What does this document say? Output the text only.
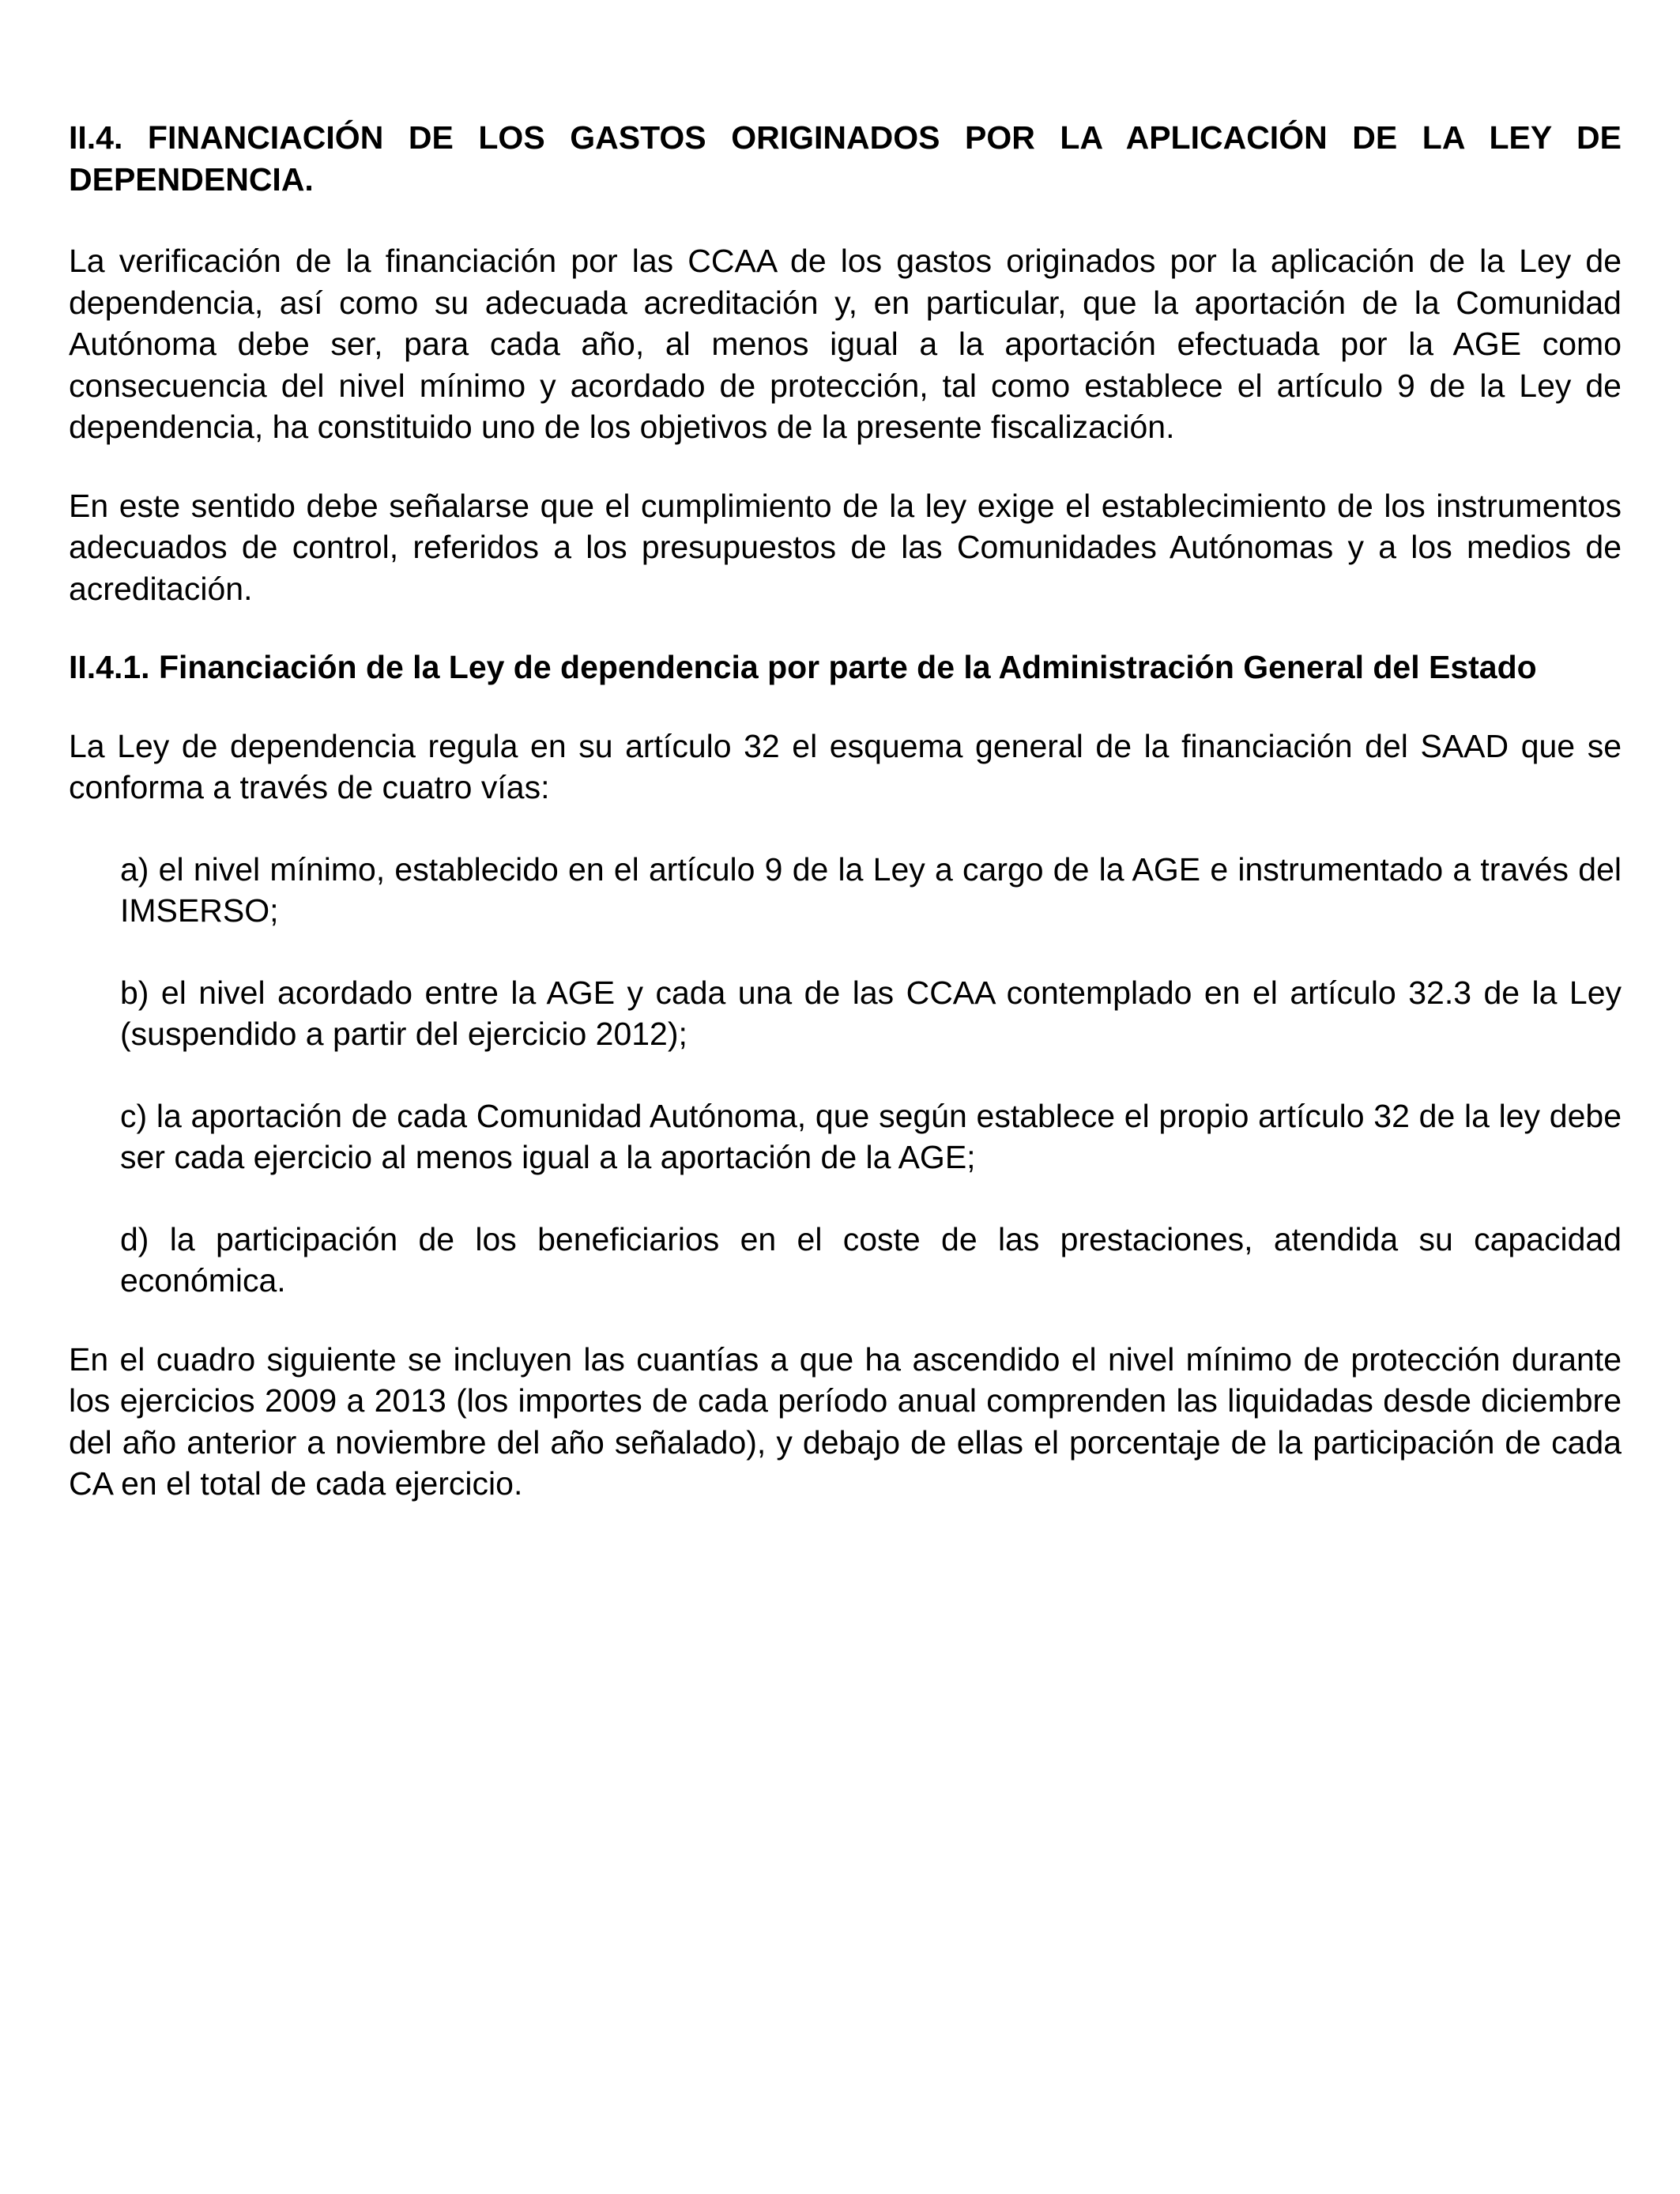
II.4. FINANCIACIÓN DE LOS GASTOS ORIGINADOS POR LA APLICACIÓN DE LA LEY DE DEPENDENCIA.

La verificación de la financiación por las CCAA de los gastos originados por la aplicación de la Ley de dependencia, así como su adecuada acreditación y, en particular, que la aportación de la Comunidad Autónoma debe ser, para cada año, al menos igual a la aportación efectuada por la AGE como consecuencia del nivel mínimo y acordado de protección, tal como establece el artículo 9 de la Ley de dependencia, ha constituido uno de los objetivos de la presente fiscalización.

En este sentido debe señalarse que el cumplimiento de la ley exige el establecimiento de los instrumentos adecuados de control, referidos a los presupuestos de las Comunidades Autónomas y a los medios de acreditación.

II.4.1. Financiación de la Ley de dependencia por parte de la Administración General del Estado

La Ley de dependencia regula en su artículo 32 el esquema general de la financiación del SAAD que se conforma a través de cuatro vías:

a) el nivel mínimo, establecido en el artículo 9 de la Ley a cargo de la AGE e instrumentado a través del IMSERSO;

b) el nivel acordado entre la AGE y cada una de las CCAA contemplado en el artículo 32.3 de la Ley (suspendido a partir del ejercicio 2012);

c) la aportación de cada Comunidad Autónoma, que según establece el propio artículo 32 de la ley debe ser cada ejercicio al menos igual a la aportación de la AGE;

d) la participación de los beneficiarios en el coste de las prestaciones, atendida su capacidad económica.

En el cuadro siguiente se incluyen las cuantías a que ha ascendido el nivel mínimo de protección durante los ejercicios 2009 a 2013 (los importes de cada período anual comprenden las liquidadas desde diciembre del año anterior a noviembre del año señalado), y debajo de ellas el porcentaje de la participación de cada CA en el total de cada ejercicio.
